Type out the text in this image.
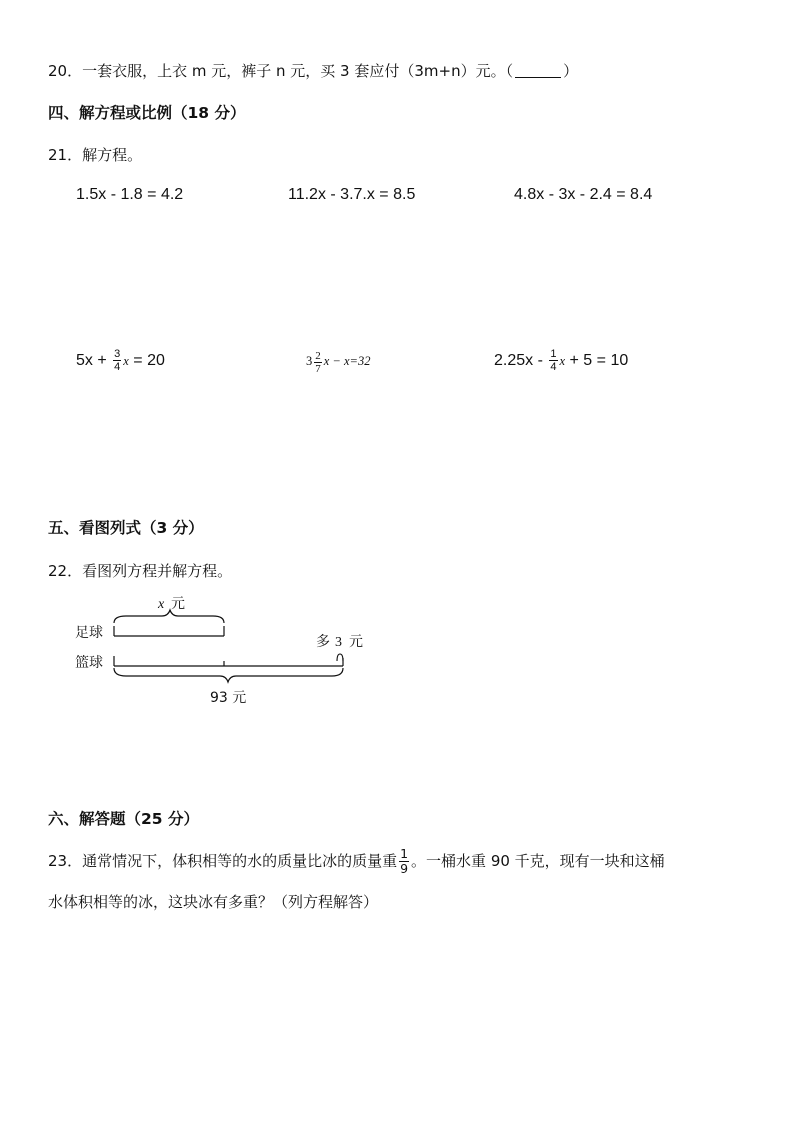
20．一套衣服，上衣 m 元，裤子 n 元，买 3 套应付（3m+n）元。（	）
四、解方程或比例（18 分）
21．解方程。
1.5x - 1.8 = 4.2	11.2x - 3.7.x = 8.5	4.8x - 3x - 2.4 = 8.4
$5x + \frac{3}{4}$ x = 20	$3 \frac{2}{7}$ x − x=32	$2.25x - \frac{1}{4}$ x + 5 = 10
五、看图列式（3 分）
22．看图列方程并解方程。
x 元
足球
多 3 元
篮球
93 元
六、解答题（25 分）
23．通常情况下，体积相等的水的质量比冰的质量重 $\frac{1}{9}$ 。一桶水重 90 千克，现有一块和这桶
水体积相等的冰，这块冰有多重？（列方程解答）
